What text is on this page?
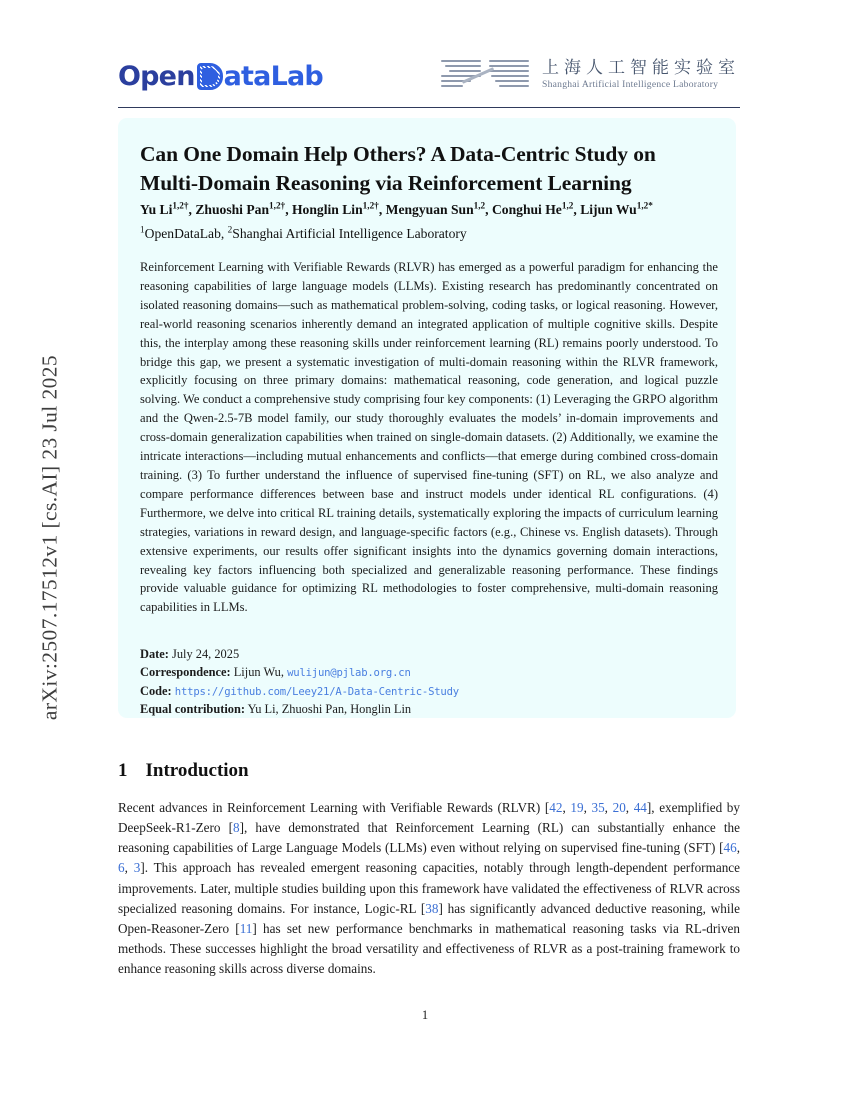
arXiv:2507.17512v1 [cs.AI] 23 Jul 2025
Open ataLab	上海人工智能实验室
Shanghai Artificial Intelligence Laboratory
Can One Domain Help Others? A Data-Centric Study on Multi-Domain Reasoning via Reinforcement Learning
Yu $Li^{1,2\dagger}$, Zhuoshi Pan$^{1,2\dagger}$, Honglin Lin$^{1,2\dagger}$, Mengyuan Sun$^{1,2}$, Conghui He$^{1,2}$, Lijun $Wu^{1,2*}$
$^1$OpenDataLab, $^2$Shanghai Artificial Intelligence Laboratory
Reinforcement Learning with Verifiable Rewards (RLVR) has emerged as a powerful paradigm for enhancing the reasoning capabilities of large language models (LLMs). Existing research has predominantly concentrated on isolated reasoning domains—such as mathematical problem-solving, coding tasks, or logical reasoning. However, real-world reasoning scenarios inherently demand an integrated application of multiple cognitive skills. Despite this, the interplay among these reasoning skills under reinforcement learning (RL) remains poorly understood. To bridge this gap, we present a systematic investigation of multi-domain reasoning within the RLVR framework, explicitly focusing on three primary domains: mathematical reasoning, code generation, and logical puzzle solving. We conduct a comprehensive study comprising four key components: (1) Leveraging the GRPO algorithm and the Qwen-2.5-7B model family, our study thoroughly evaluates the models’ in-domain improvements and cross-domain generalization capabilities when trained on single-domain datasets. (2) Additionally, we examine the intricate interactions—including mutual enhancements and conflicts—that emerge during combined cross-domain training. (3) To further understand the influence of supervised fine-tuning (SFT) on RL, we also analyze and compare performance differences between base and instruct models under identical RL configurations. (4) Furthermore, we delve into critical RL training details, systematically exploring the impacts of curriculum learning strategies, variations in reward design, and language-specific factors (e.g., Chinese vs. English datasets). Through extensive experiments, our results offer significant insights into the dynamics governing domain interactions, revealing key factors influencing both specialized and generalizable reasoning performance. These findings provide valuable guidance for optimizing RL methodologies to foster comprehensive, multi-domain reasoning capabilities in LLMs.
Date: July 24, 2025
Correspondence: Lijun Wu, wulijun@pjlab.org.cn
Code: https://github.com/Leey21/A-Data-Centric-Study
Equal contribution: Yu Li, Zhuoshi Pan, Honglin Lin
1 Introduction
Recent advances in Reinforcement Learning with Verifiable Rewards (RLVR) [42, 19, 35, 20, 44], exemplified by DeepSeek-R1-Zero [8], have demonstrated that Reinforcement Learning (RL) can substantially enhance the reasoning capabilities of Large Language Models (LLMs) even without relying on supervised fine-tuning (SFT) [46, 6, 3]. This approach has revealed emergent reasoning capacities, notably through length-dependent performance improvements. Later, multiple studies building upon this framework have validated the effectiveness of RLVR across specialized reasoning domains. For instance, Logic-RL [38] has significantly advanced deductive reasoning, while Open-Reasoner-Zero [11] has set new performance benchmarks in mathematical reasoning tasks via RL-driven methods. These successes highlight the broad versatility and effectiveness of RLVR as a post-training framework to enhance reasoning skills across diverse domains.
1
